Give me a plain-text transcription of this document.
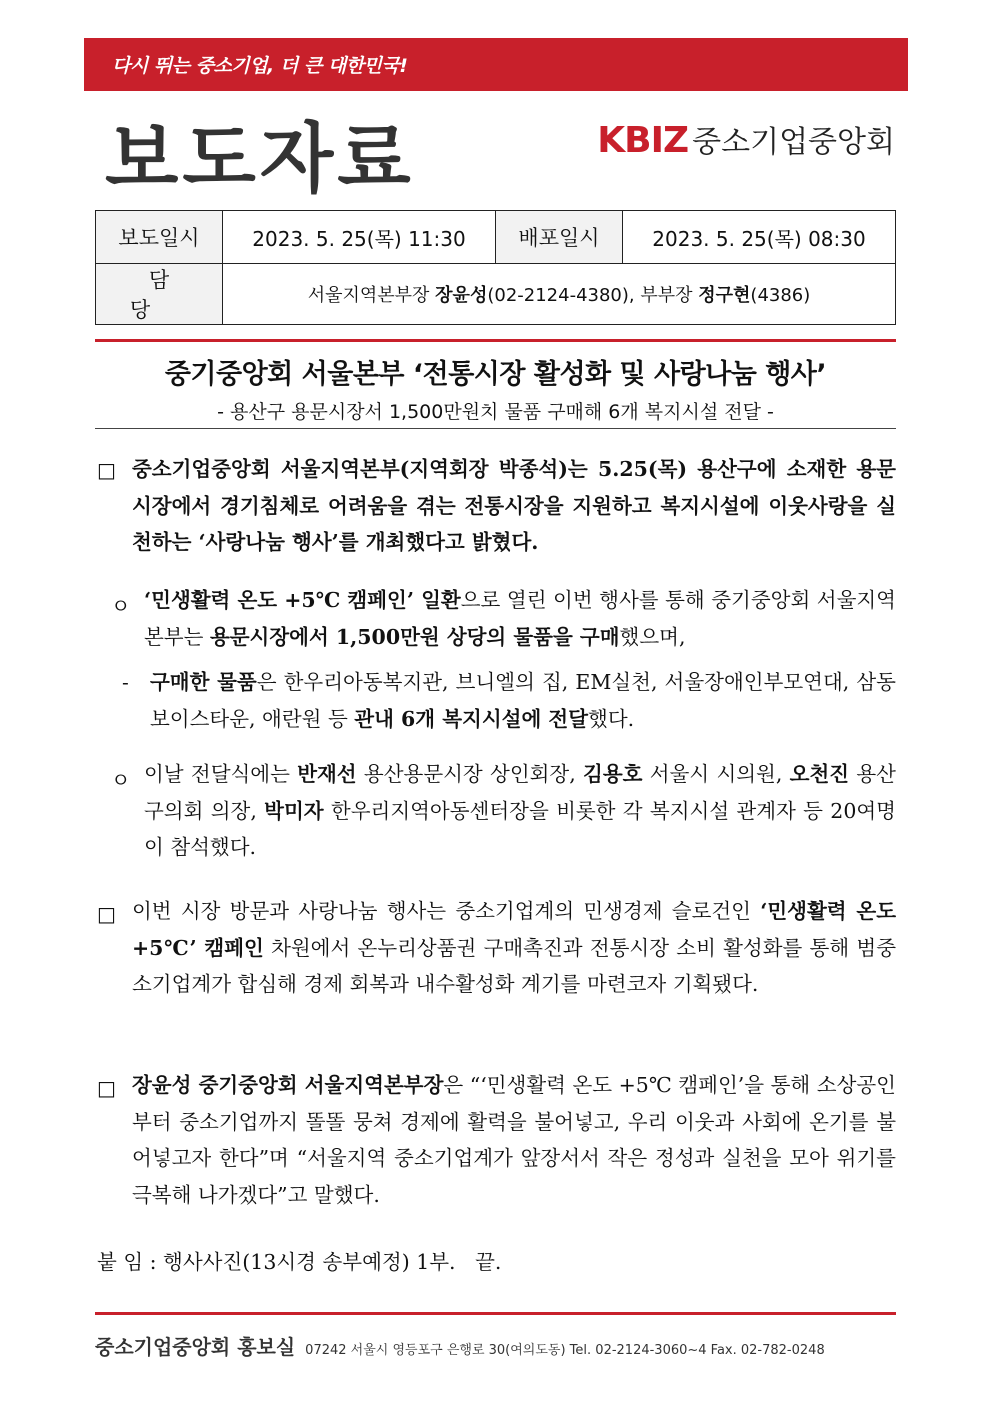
다시 뛰는 중소기업, 더 큰 대한민국!
보도자료	KBIZ 중소기업중앙회
보도일시	2023. 5. 25(목) 11:30	배포일시	2023. 5. 25(목) 08:30
담 당	서울지역본부장 장윤성(02-2124-4380), 부부장 정구현(4386)		
중기중앙회 서울본부 ‘전통시장 활성화 및 사랑나눔 행사’
- 용산구 용문시장서 1,500만원치 물품 구매해 6개 복지시설 전달 -
□ 중소기업중앙회 서울지역본부(지역회장 박종석)는 5.25(목) 용산구에 소재한 용문시장에서 경기침체로 어려움을 겪는 전통시장을 지원하고 복지시설에 이웃사랑을 실천하는 ‘사랑나눔 행사’를 개최했다고 밝혔다.
ㅇ ‘민생활력 온도 +5℃ 캠페인’ 일환으로 열린 이번 행사를 통해 중기중앙회 서울지역본부는 용문시장에서 1,500만원 상당의 물품을 구매했으며,
- 구매한 물품은 한우리아동복지관, 브니엘의 집, EM실천, 서울장애인부모연대, 삼동보이스타운, 애란원 등 관내 6개 복지시설에 전달했다.
ㅇ 이날 전달식에는 반재선 용산용문시장 상인회장, 김용호 서울시 시의원, 오천진 용산구의회 의장, 박미자 한우리지역아동센터장을 비롯한 각 복지시설 관계자 등 20여명이 참석했다.
□ 이번 시장 방문과 사랑나눔 행사는 중소기업계의 민생경제 슬로건인 ‘민생활력 온도 +5℃’ 캠페인 차원에서 온누리상품권 구매촉진과 전통시장 소비 활성화를 통해 범중소기업계가 합심해 경제 회복과 내수활성화 계기를 마련코자 기획됐다.
□ 장윤성 중기중앙회 서울지역본부장은 “‘민생활력 온도 +5℃ 캠페인’을 통해 소상공인부터 중소기업까지 똘똘 뭉쳐 경제에 활력을 불어넣고, 우리 이웃과 사회에 온기를 불어넣고자 한다”며 “서울지역 중소기업계가 앞장서서 작은 정성과 실천을 모아 위기를 극복해 나가겠다”고 말했다.
붙 임 : 행사사진(13시경 송부예정) 1부.   끝.
중소기업중앙회 홍보실 07242 서울시 영등포구 은행로 30(여의도동) Tel. 02-2124-3060~4 Fax. 02-782-0248
